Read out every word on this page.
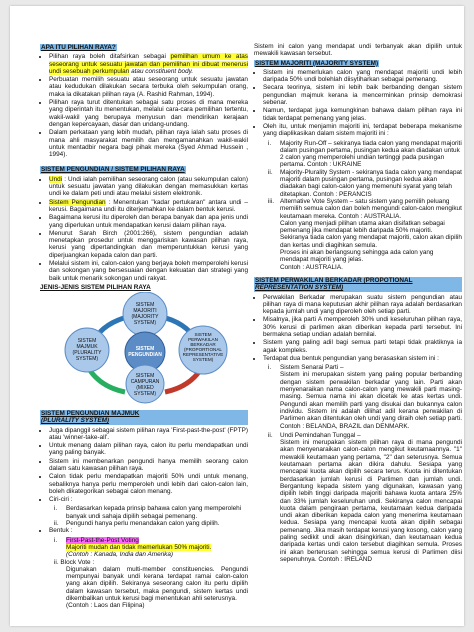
APA ITU PILIHAN RAYA?
• Pilihan raya boleh ditafsirkan sebagai pemilihan umum ke atas seseorang untuk sesuatu jawatan dan pemilihan ini dibuat menerusi undi sesebuah perkumpulan atau constituent body.
• Perbuatan memilih sesuatu atau seseorang untuk sesuatu jawatan atau kedudukan dilakukan secara terbuka oleh sekumpulan orang, maka ia dikatakan pilihan raya (A. Rashid Rahman, 1994).
• Pilihan raya turut ditentukan sebagai satu proses di mana mereka yang diperintah itu menentukan, melalui cara-cara pemilihan tertentu, wakil-wakil yang berupaya menyusun dan mendirikan kerajaan dengan kepercayaan, dasar dan undang-undang.
• Dalam perkataan yang lebih mudah, pilihan raya ialah satu proses di mana ahli masyarakat memilih dan mengamanahkan wakil-wakil untuk mentadbir negara bagi pihak mereka (Syed Ahmad Hussein , 1994).
SISTEM PENGUNDIAN / SISTEM PILIHAN RAYA
• Undi : Undi ialah pemilihan seseorang calon (atau sekumpulan calon) untuk sesuatu jawatan yang dilakukan dengan memasukkan kertas undi ke dalam peti undi atau melalui sistem elektronik.
• Sistem Pengundian : Menentukan "kadar pertukaran" antara undi – kerusi. Bagaimana undi itu diterjemahkan ke dalam bentuk kerusi.
• Bagaimana kerusi itu diperoleh dan berapa banyak dan apa jenis undi yang diperlukan untuk mendapatkan kerusi dalam pilihan raya.
• Menurut Sarah Birch (2001:266), sistem pengundian adalah menetapkan prosedur untuk menggariskan kawasan pilihan raya, kerusi yang dipertandingkan dan memperuntukkan kerusi yang diperjuangkan kepada calon dan parti.
• Melalui sistem ini, calon-calon yang berjaya boleh memperolehi kerusi dan sokongan yang bersesuaian dengan kekuatan dan strategi yang baik untuk menarik sokongan undi rakyat.
JENIS-JENIS SISTEM PILIHAN RAYA
SISTEM MAJORITI (MAJORITY SYSTEM)
SISTEM MAJMUK (PLURALITY SYSTEM)
SISTEM PENGUNDIAN
SISTEM PERWAKILAN BERKADAR (PROPORTIONAL REPRESENTATIVE SYSTEM)
SISTEM CAMPURAN (MIXED SYSTEM)
SISTEM PENGUNDIAN MAJMUK
(PLURALITY SYSTEM)
• Juga dipanggil sebagai sistem pilihan raya 'First-past-the-post' (FPTP) atau 'winner-take-all'.
• Untuk menang dalam pilihan raya, calon itu perlu mendapatkan undi yang paling banyak.
• Sistem ini membenarkan pengundi hanya memilih seorang calon dalam satu kawasan pilihan raya.
• Calon tidak perlu mendapatkan majoriti 50% undi untuk menang, sebaliknya hanya perlu memperoleh undi lebih dari calon-calon lain, boleh dikategorikan sebagai calon menang.
• Ciri-ciri :
i.	Berdasarkan kepada prinsip bahawa calon yang memperolehi banyak undi sahaja dipilih sebagai pemenang.
ii.	Pengundi hanya perlu menandakan calon yang dipilih.
• Bentuk :
i.	First-Past-the-Post Voting
Majoriti mudah dan tidak memerlukan 50% majoriti.
(Contoh : Kanada, India dan Amerika)
ii. Block Vote :
Digunakan dalam multi-member constituencies. Pengundi mempunyai banyak undi kerana terdapat ramai calon-calon yang akan dipilih. Sekiranya seseorang calon itu perlu dipilih dalam kawasan tersebut, maka pengundi, sistem kertas undi dikembalikan untuk kerusi bagi menentukan ahli seterusnya.
(Contoh : Laos dan Filipina)
Sistem ini calon yang mendapat undi terbanyak akan dipilih untuk mewakili kawasan tersebut.
SISTEM MAJORITI (MAJORITY SYSTEM)
• Sistem ini memerlukan calon yang mendapat majoriti undi lebih daripada 50% undi bolehlah diisytiharkan sebagai pemenang.
• Secara teorinya, sistem ini lebih baik berbanding dengan sistem pengundian majmuk kerana ia mencerminkan prinsip demokrasi sebenar.
• Namun, terdapat juga kemungkinan bahawa dalam pilihan raya ini tidak terdapat pemenang yang jelas.
• Oleh itu, untuk menjamin majoriti ini, terdapat beberapa mekanisme yang diaplikasikan dalam sistem majoriti ini :
i.	Majority Run-Off – sekiranya tiada calon yang mendapat majoriti dalam pusingan pertama, pusingan kedua akan diadakan untuk 2 calon yang memperolehi undian tertinggi pada pusingan pertama. Contoh : UKRAINE
ii.	Majority-Plurality System - sekiranya tiada calon yang mendapat majoriti dalam pusingan pertama, pusingan kedua akan diadakan bagi calon-calon yang memenuhi syarat yang telah ditetapkan. Contoh : PERANCIS
iii. Alternative Vote System – satu sistem yang pemilih peluang memilih semua calon dan boleh mengundi calon-calon mengikut keutamaan mereka. Contoh : AUSTRALIA.
Calon yang menjadi pilihan utama akan disifatkan sebagai pemenang jika mendapat lebih daripada 50% majoriti.
Sekiranya tiada calon yang mendapat majoriti, calon akan dipilih dan kertas undi diagihkan semula.
Proses ini akan berlangsung sehingga ada calon yang mendapat majoriti yang jelas.
Contoh : AUSTRALIA.
SISTEM PERWAKILAN BERKADAR (PROPOTIONAL
REPRESENTATION SYSTEM)
• Perwakilan Berkadar merupakan suatu sistem pengundian atau pilihan raya di mana keputusan akhir pilihan raya adalah berdasarkan kepada jumlah undi yang diperoleh oleh setiap parti.
• Misalnya, jika parti A memperoleh 30% undi keseluruhan pilihan raya, 30% kerusi di parlimen akan diberikan kepada parti tersebut. Ini bermakna setiap undian adalah bernilai.
• Sistem yang paling adil bagi semua parti tetapi tidak praktiknya ia agak kompleks.
• Terdapat dua bentuk pengundian yang berasaskan sistem ini :
i.	Sistem Senarai Parti –
Sistem ini merupakan sistem yang paling popular berbanding dengan sistem perwakilan berkadar yang lain. Parti akan menyenaraikan nama calon-calon yang mewakili parti masing-masing. Semua nama ini akan dicetak ke atas kertas undi. Pengundi akan memilih parti yang disukai dan bukannya calon individu. Sistem ini adalah dilihat adil kerana perwakilan di Parlimen akan ditentukan oleh undi yang diraih oleh setiap parti. Contoh : BELANDA, BRAZIL dan DENMARK.
ii.	Undi Pemindahan Tunggal –
Sistem ini merupakan sistem pilihan raya di mana pengundi akan menyenaraikan calon-calon mengikut keutamaannya. "1" mewakili keutamaan yang pertama, "2" dan seterusnya. Semua keutamaan pertama akan dikira dahulu. Sesiapa yang mencapai kuota akan dipilih secara terus. Kuota ini ditentukan berdasarkan jumlah kerusi di Parlimen dan jumlah undi. Bergantung kepada sistem yang digunakan, kawasan yang dipilih lebih tinggi daripada majoriti bahawa kuota antara 25% dan 33% jumlah keseluruhan undi. Sekiranya calon mencapai kuota dalam pengiraan pertama, keutamaan kedua daripada undi akan diberikan kepada calon yang menerima keutamaan kedua. Sesiapa yang mencapai kuota akan dipilih sebagai pemenang. Jika masih terdapat kerusi yang kosong, calon yang paling sedikit undi akan disingkirkan, dan keutamaan kedua daripada kertas undi calon tersebut diagihkan semula. Proses ini akan berterusan sehingga semua kerusi di Parlimen diisi sepenuhnya. Contoh : IRELAND
